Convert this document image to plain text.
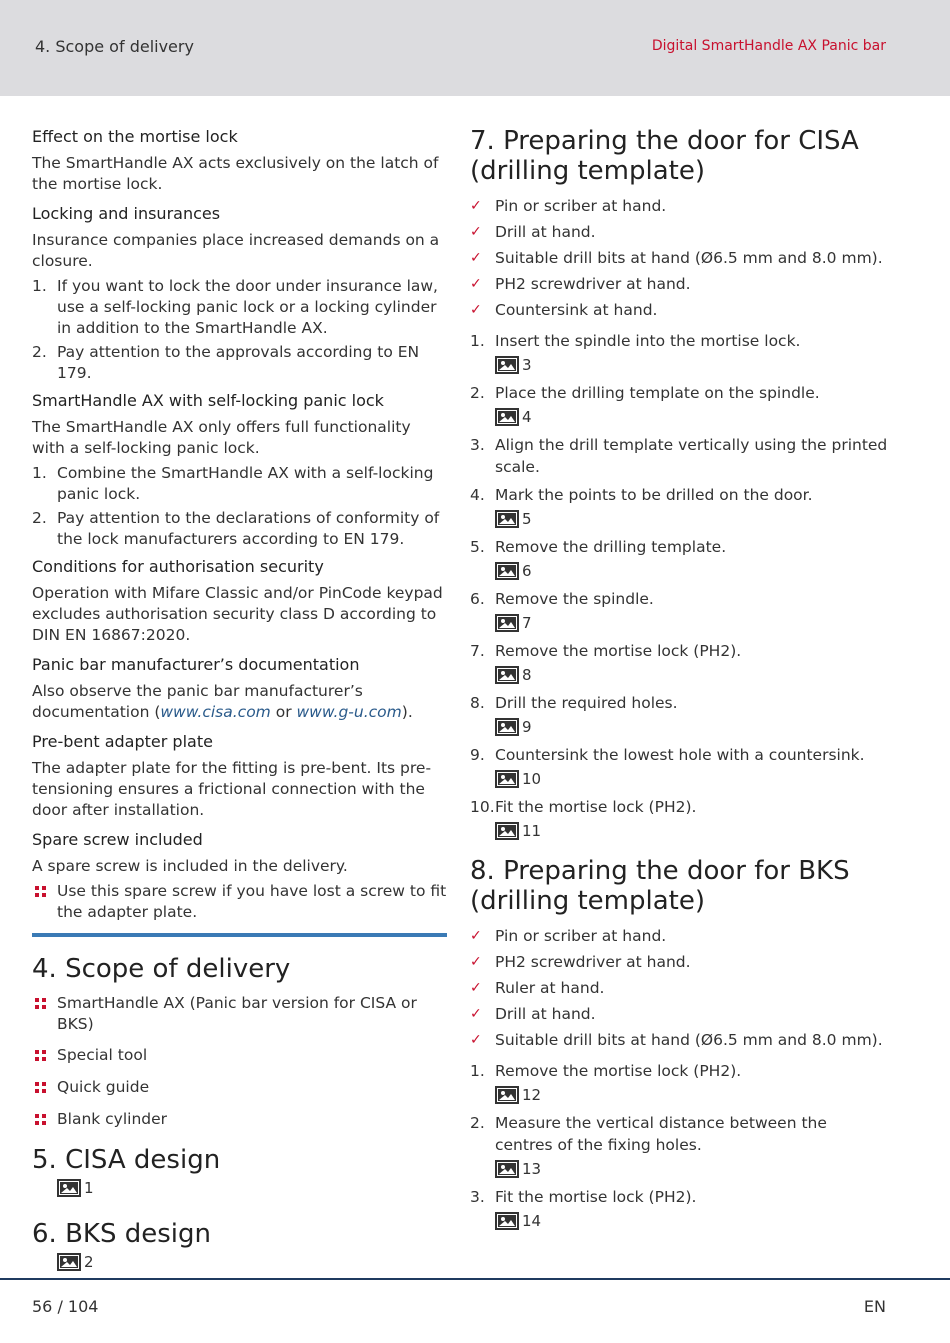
4. Scope of delivery	Digital SmartHandle AX Panic bar
Effect on the mortise lock

The SmartHandle AX acts exclusively on the latch of the mortise lock.

Locking and insurances

Insurance companies place increased demands on a closure.

1. If you want to lock the door under insurance law, use a self-locking panic lock or a locking cylinder in addition to the SmartHandle AX.
2. Pay attention to the approvals according to EN 179.
SmartHandle AX with self-locking panic lock

The SmartHandle AX only offers full functionality with a self-locking panic lock.

1. Combine the SmartHandle AX with a self-locking panic lock.
2. Pay attention to the declarations of conformity of the lock manufacturers according to EN 179.
Conditions for authorisation security

Operation with Mifare Classic and/or PinCode keypad excludes authorisation security class D according to DIN EN 16867:2020.

Panic bar manufacturer’s documentation

Also observe the panic bar manufacturer’s documentation (www.cisa.com or www.g-u.com).

Pre-bent adapter plate

The adapter plate for the fitting is pre-bent. Its pre-tensioning ensures a frictional connection with the door after installation.

Spare screw included

A spare screw is included in the delivery.

Use this spare screw if you have lost a screw to fit the adapter plate.
4. Scope of delivery
SmartHandle AX (Panic bar version for CISA or BKS)
Special tool
Quick guide
Blank cylinder
5. CISA design
1
6. BKS design
2
7. Preparing the door for CISA (drilling template)
✓ Pin or scriber at hand.
✓ Drill at hand.
✓ Suitable drill bits at hand (Ø6.5 mm and 8.0 mm).
✓ PH2 screwdriver at hand.
✓ Countersink at hand.
1. Insert the spindle into the mortise lock.
3
2. Place the drilling template on the spindle.
4
3. Align the drill template vertically using the printed scale.
4. Mark the points to be drilled on the door.
5
5. Remove the drilling template.
6
6. Remove the spindle.
7
7. Remove the mortise lock (PH2).
8
8. Drill the required holes.
9
9. Countersink the lowest hole with a countersink.
10
10. Fit the mortise lock (PH2).
11
8. Preparing the door for BKS (drilling template)
✓ Pin or scriber at hand.
✓ PH2 screwdriver at hand.
✓ Ruler at hand.
✓ Drill at hand.
✓ Suitable drill bits at hand (Ø6.5 mm and 8.0 mm).
1. Remove the mortise lock (PH2).
12
2. Measure the vertical distance between the centres of the fixing holes.
13
3. Fit the mortise lock (PH2).
14
56 / 104	EN
